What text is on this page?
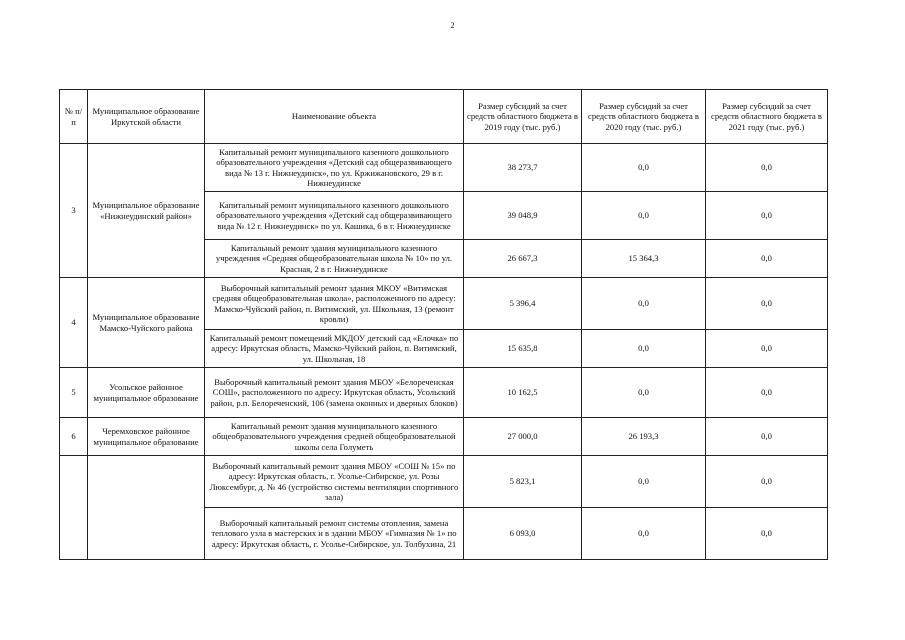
2
№ п/п	Муниципальное образование Иркутской области	Наименование объекта	Размер субсидий за счет средств областного бюджета в 2019 году (тыс. руб.)	Размер субсидий за счет средств областного бюджета в 2020 году (тыс. руб.)	Размер субсидий за счет средств областного бюджета в 2021 году (тыс. руб.)
3	Муниципальное образование «Нижнеудинский район»	Капитальный ремонт муниципального казенного дошкольного образовательного учреждения «Детский сад общеразвивающего вида № 13 г. Нижнеудинск», по ул. Кржижановского, 29 в г. Нижнеудинске	38 273,7	0,0	0,0
		Капитальный ремонт муниципального казенного дошкольного образовательного учреждения «Детский сад общеразвивающего вида № 12 г. Нижнеудинск» по ул. Кашика, 6 в г. Нижнеудинске	39 048,9	0,0	0,0
		Капитальный ремонт здания муниципального казенного учреждения «Средняя общеобразовательная школа № 10» по ул. Красная, 2 в г. Нижнеудинске	26 667,3	15 364,3	0,0
4	Муниципальное образование Мамско-Чуйского района	Выборочный капитальный ремонт здания МКОУ «Витимская средняя общеобразовательная школа», расположенного по адресу: Мамско-Чуйский район, п. Витимский, ул. Школьная, 13 (ремонт кровли)	5 396,4	0,0	0,0
		Капитальный ремонт помещений МКДОУ детский сад «Елочка» по адресу: Иркутская область, Мамско-Чуйский район, п. Витимский, ул. Школьная, 18	15 635,8	0,0	0,0
5	Усольское районное муниципальное образование	Выборочный капитальный ремонт здания МБОУ «Белореченская СОШ», расположенного по адресу: Иркутская область, Усольский район, р.п. Белореченский, 106 (замена оконных и дверных блоков)	10 162,5	0,0	0,0
6	Черемховское районное муниципальное образование	Капитальный ремонт здания муниципального казенного общеобразовательного учреждения средней общеобразовательной школы села Голуметь	27 000,0	26 193,3	0,0
		Выборочный капитальный ремонт здания МБОУ «СОШ № 15» по адресу: Иркутская область, г. Усолье-Сибирское, ул. Розы Люксембург, д. № 46 (устройство системы вентиляции спортивного зала)	5 823,1	0,0	0,0
		Выборочный капитальный ремонт системы отопления, замена теплового узла в мастерских и в здании МБОУ «Гимназия № 1» по адресу: Иркутская область, г. Усолье-Сибирское, ул. Толбухина, 21	6 093,0	0,0	0,0
